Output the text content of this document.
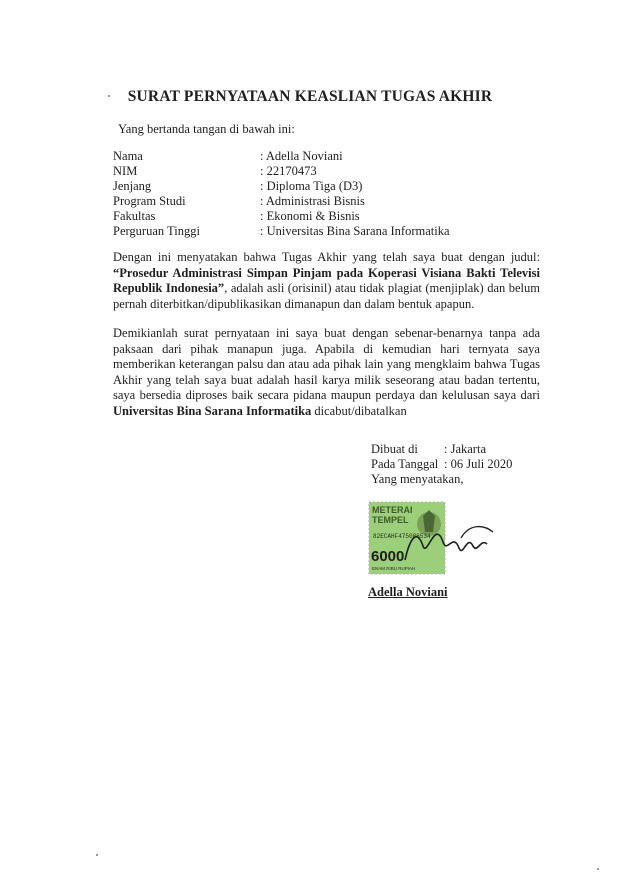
SURAT PERNYATAAN KEASLIAN TUGAS AKHIR
Yang bertanda tangan di bawah ini:
Nama	: Adella Noviani
NIM	: 22170473
Jenjang	: Diploma Tiga (D3)
Program Studi	: Administrasi Bisnis
Fakultas	: Ekonomi & Bisnis
Perguruan Tinggi	: Universitas Bina Sarana Informatika

Dengan ini menyatakan bahwa Tugas Akhir yang telah saya buat dengan judul: “Prosedur Administrasi Simpan Pinjam pada Koperasi Visiana Bakti Televisi Republik Indonesia”, adalah asli (orisinil) atau tidak plagiat (menjiplak) dan belum pernah diterbitkan/dipublikasikan dimanapun dan dalam bentuk apapun.

Demikianlah surat pernyataan ini saya buat dengan sebenar-benarnya tanpa ada paksaan dari pihak manapun juga. Apabila di kemudian hari ternyata saya memberikan keterangan palsu dan atau ada pihak lain yang mengklaim bahwa Tugas Akhir yang telah saya buat adalah hasil karya milik seseorang atau badan tertentu, saya bersedia diproses baik secara pidana maupun perdaya dan kelulusan saya dari Universitas Bina Sarana Informatika dicabut/dibatalkan

Dibuat di	: Jakarta
Pada Tanggal : 06 Juli 2020
Yang menyatakan,
METERAI
TEMPEL
82ECAHF475086534
6000
ENAM RIBU RUPIAH
Nopt
Adella Noviani
